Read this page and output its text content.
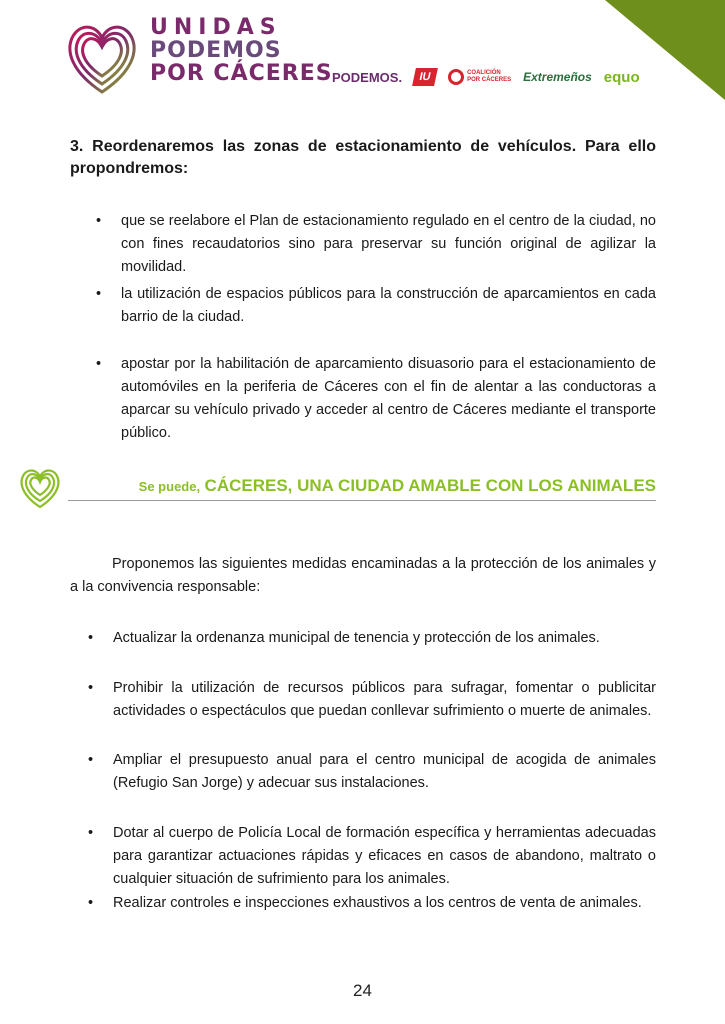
UNIDAS
PODEMOS
POR CÁCERES PODEMOS.	IU	COALICIÓN
POR CÁCERES Extremeños equo
3. Reordenaremos las zonas de estacionamiento de vehículos. Para ello propondremos:
• que se reelabore el Plan de estacionamiento regulado en el centro de la ciudad, no con fines recaudatorios sino para preservar su función original de agilizar la movilidad.
• la utilización de espacios públicos para la construcción de aparcamientos en cada barrio de la ciudad.
• apostar por la habilitación de aparcamiento disuasorio para el estacionamiento de automóviles en la periferia de Cáceres con el fin de alentar a las conductoras a aparcar su vehículo privado y acceder al centro de Cáceres mediante el transporte público.
Se puede, CÁCERES, UNA CIUDAD AMABLE CON LOS ANIMALES
Proponemos las siguientes medidas encaminadas a la protección de los animales y a la convivencia responsable:
• Actualizar la ordenanza municipal de tenencia y protección de los animales.
• Prohibir la utilización de recursos públicos para sufragar, fomentar o publicitar actividades o espectáculos que puedan conllevar sufrimiento o muerte de animales.
• Ampliar el presupuesto anual para el centro municipal de acogida de animales (Refugio San Jorge) y adecuar sus instalaciones.
• Dotar al cuerpo de Policía Local de formación específica y herramientas adecuadas para garantizar actuaciones rápidas y eficaces en casos de abandono, maltrato o cualquier situación de sufrimiento para los animales.
• Realizar controles e inspecciones exhaustivos a los centros de venta de animales.
24
